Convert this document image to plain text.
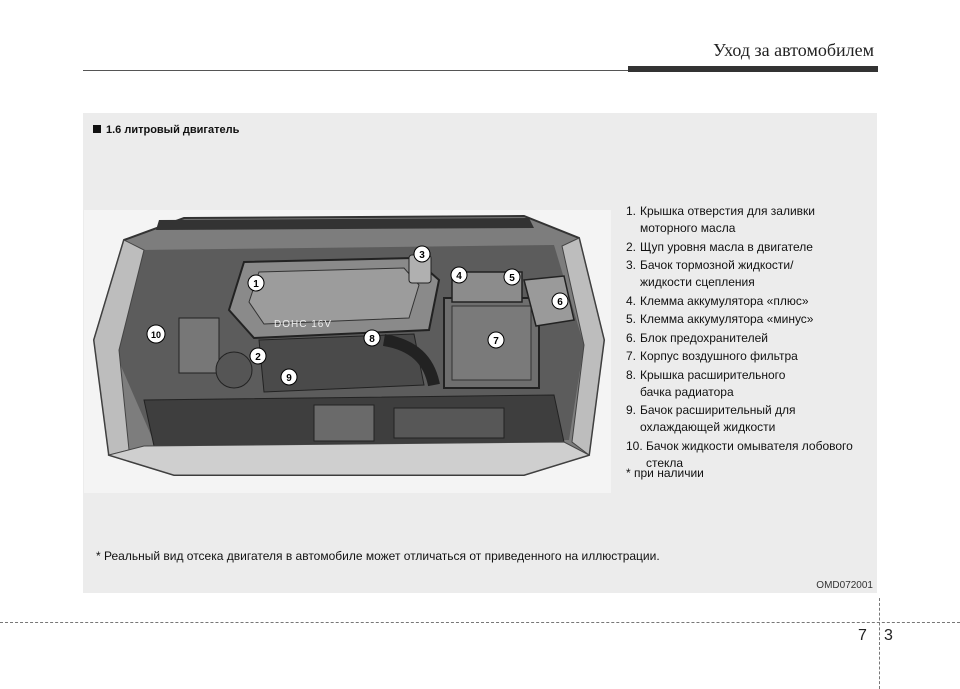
Уход за автомобилем
1.6 литровый двигатель
DOHC 16V
1
2
3
4	5
6
7
8
9
10
1. Крышка отверстия для заливки
моторного масла
2. Щуп уровня масла в двигателе
3. Бачок тормозной жидкости/
жидкости сцепления
4. Клемма аккумулятора «плюс»
5. Клемма аккумулятора «минус»
6. Блок предохранителей
7. Корпус воздушного фильтра
8. Крышка расширительного
бачка радиатора
9. Бачок расширительный для
охлаждающей жидкости
10. Бачок жидкости омывателя лобового
стекла
* при наличии
* Реальный вид отсека двигателя в автомобиле может отличаться от приведенного на иллюстрации.
OMD072001
7 3
